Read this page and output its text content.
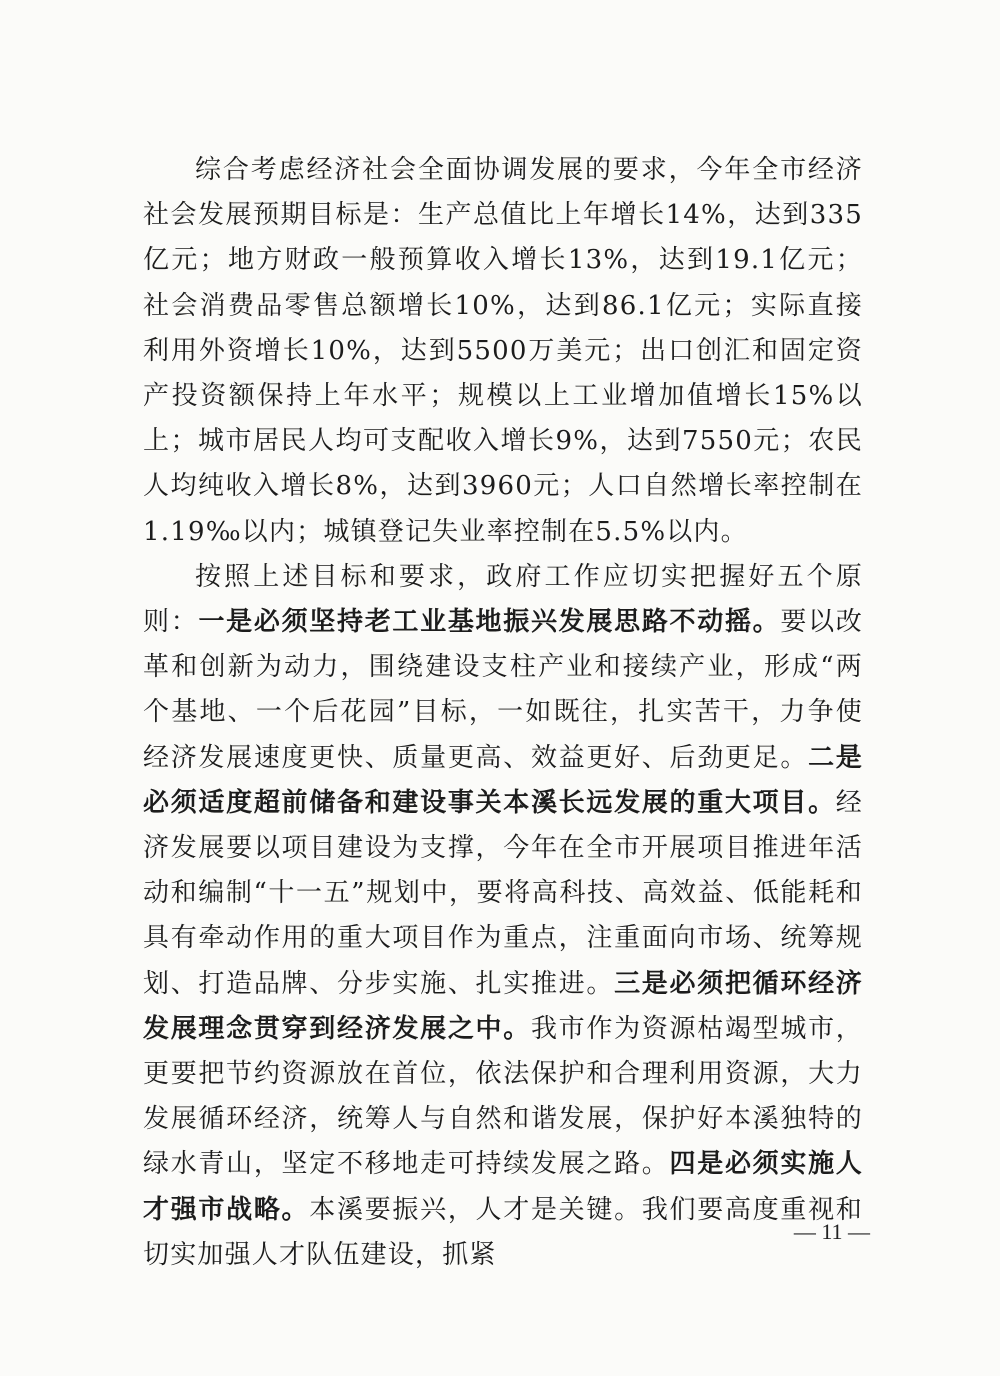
综合考虑经济社会全面协调发展的要求，今年全市经济社会发展预期目标是：生产总值比上年增长14%，达到335亿元；地方财政一般预算收入增长13%，达到19.1亿元；社会消费品零售总额增长10%，达到86.1亿元；实际直接利用外资增长10%，达到5500万美元；出口创汇和固定资产投资额保持上年水平；规模以上工业增加值增长15%以上；城市居民人均可支配收入增长9%，达到7550元；农民人均纯收入增长8%，达到3960元；人口自然增长率控制在1.19‰以内；城镇登记失业率控制在5.5%以内。

按照上述目标和要求，政府工作应切实把握好五个原则：一是必须坚持老工业基地振兴发展思路不动摇。要以改革和创新为动力，围绕建设支柱产业和接续产业，形成“两个基地、一个后花园”目标，一如既往，扎实苦干，力争使经济发展速度更快、质量更高、效益更好、后劲更足。二是必须适度超前储备和建设事关本溪长远发展的重大项目。经济发展要以项目建设为支撑，今年在全市开展项目推进年活动和编制“十一五”规划中，要将高科技、高效益、低能耗和具有牵动作用的重大项目作为重点，注重面向市场、统筹规划、打造品牌、分步实施、扎实推进。三是必须把循环经济发展理念贯穿到经济发展之中。我市作为资源枯竭型城市，更要把节约资源放在首位，依法保护和合理利用资源，大力发展循环经济，统筹人与自然和谐发展，保护好本溪独特的绿水青山，坚定不移地走可持续发展之路。四是必须实施人才强市战略。本溪要振兴，人才是关键。我们要高度重视和切实加强人才队伍建设，抓紧

— 11 —
